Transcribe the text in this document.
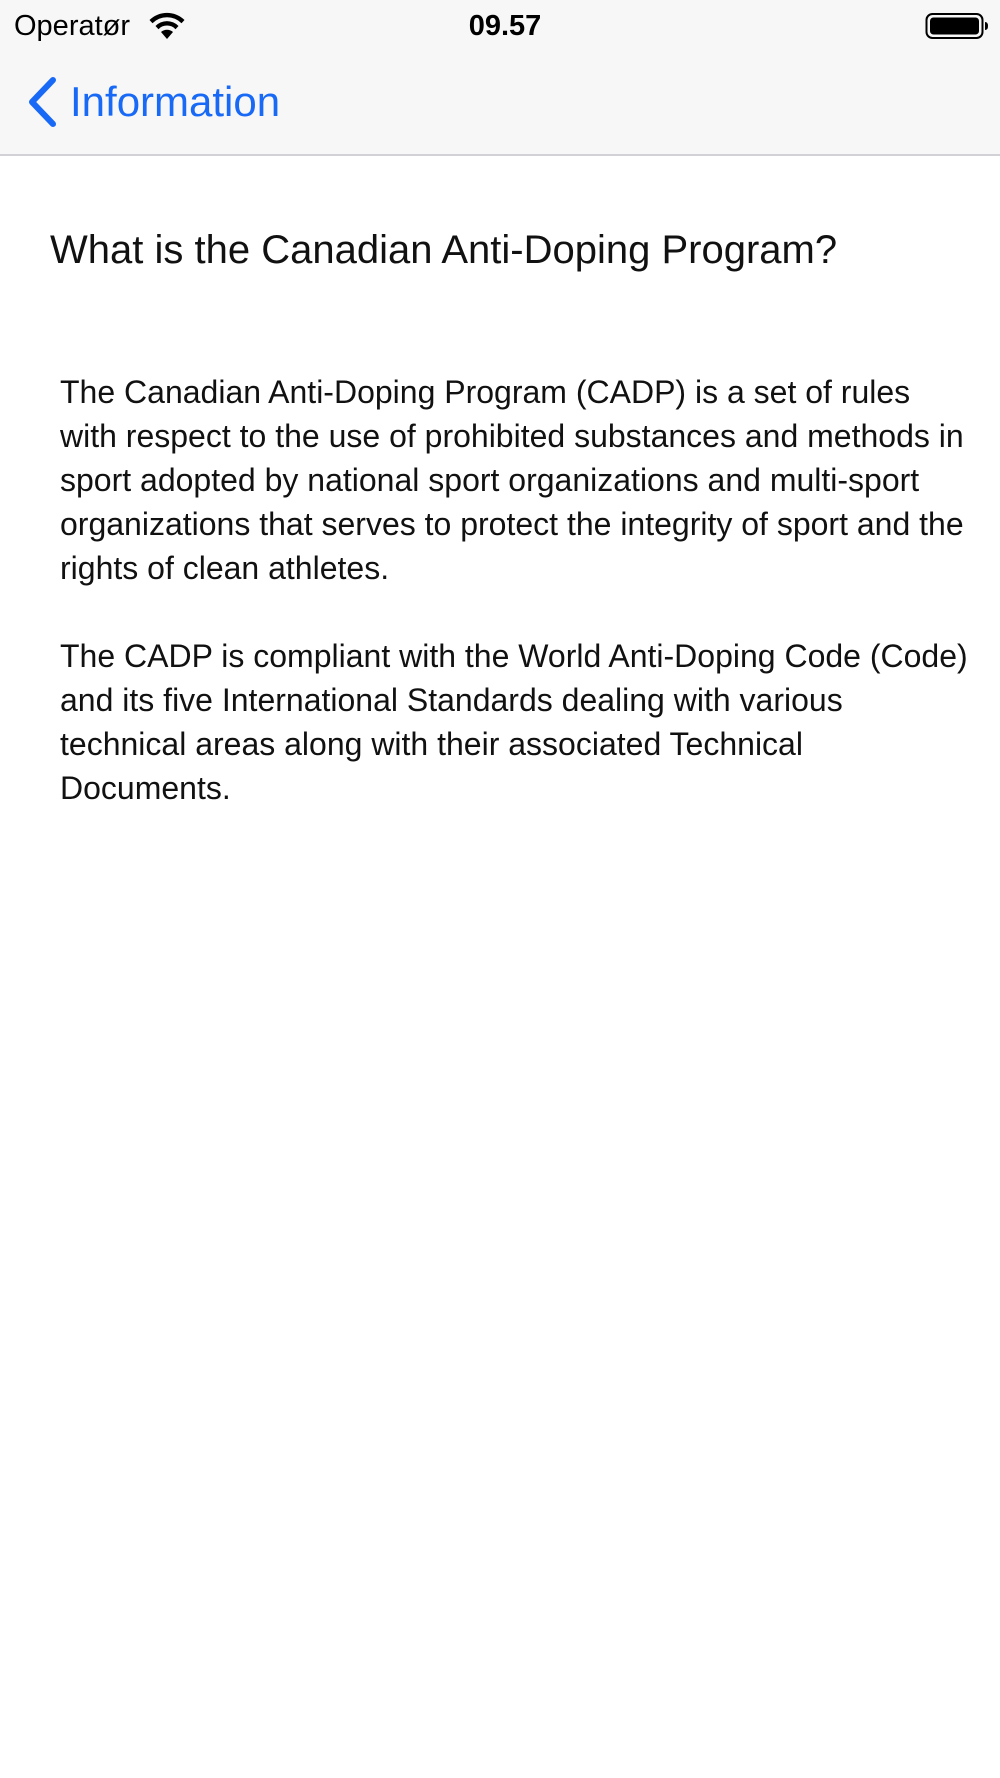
Operatør	09.57
Information
What is the Canadian Anti-Doping Program?

The Canadian Anti-Doping Program (CADP) is a set of rules with respect to the use of prohibited substances and methods in sport adopted by national sport organizations and multi-sport organizations that serves to protect the integrity of sport and the rights of clean athletes.

The CADP is compliant with the World Anti-Doping Code (Code) and its five International Standards dealing with various technical areas along with their associated Technical Documents.
